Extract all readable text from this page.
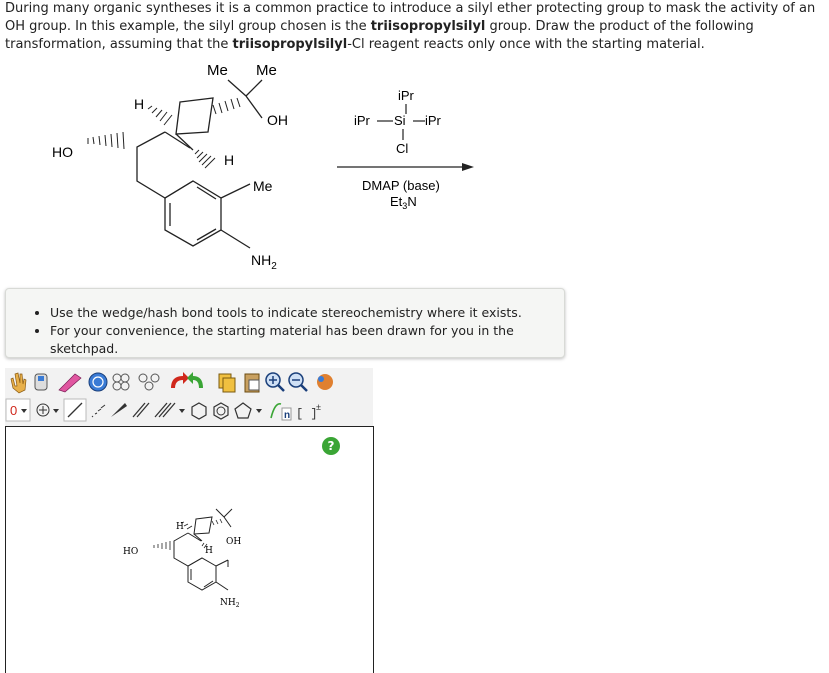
During many organic syntheses it is a common practice to introduce a silyl ether protecting group to mask the activity of an OH group. In this example, the silyl group chosen is the triisopropylsilyl group. Draw the product of the following transformation, assuming that the triisopropylsilyl-Cl reagent reacts only once with the starting material.
Me Me
OH
HO
H
H
Me
$NH_2$
iPr
iPr Si iPr
Cl
DMAP (base)
$Et_3N$
• Use the wedge/hash bond tools to indicate stereochemistry where it exists.
• For your convenience, the starting material has been drawn for you in the sketchpad.
0	n [ ]
±
?
HO
H
H
OH
$NH_2$
